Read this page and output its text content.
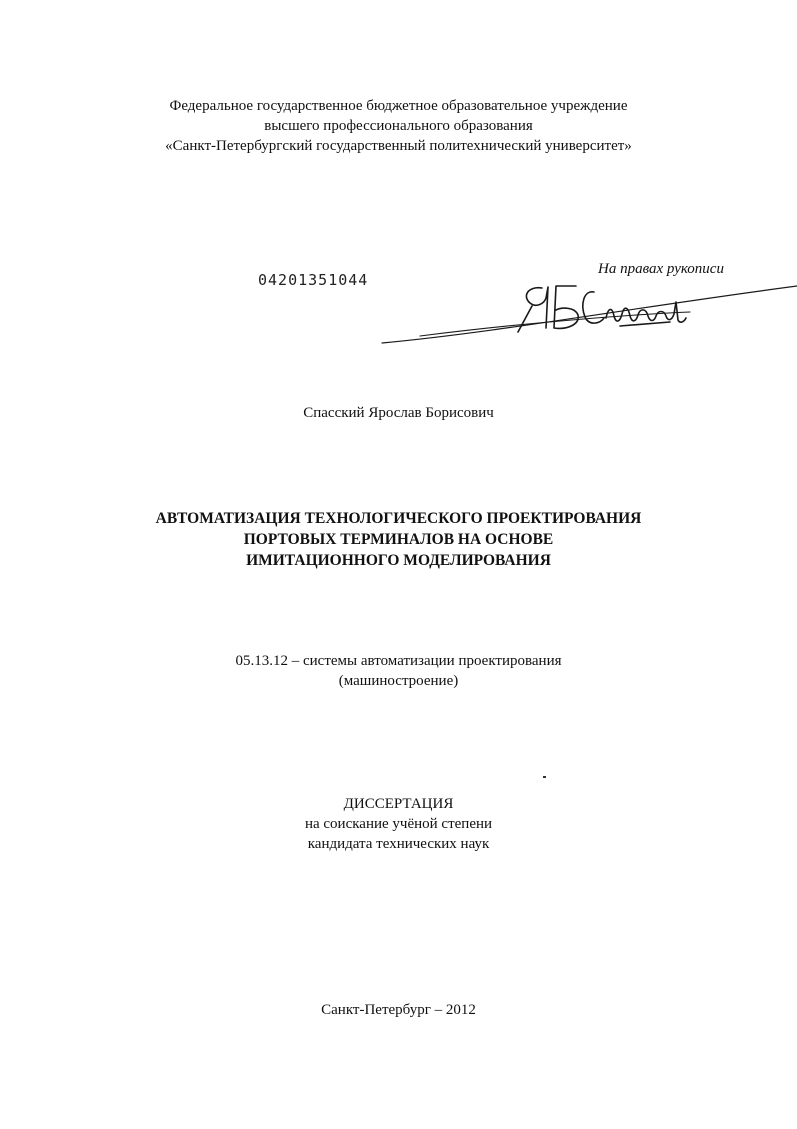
Федеральное государственное бюджетное образовательное учреждение
высшего профессионального образования
«Санкт-Петербургский государственный политехнический университет»
04201351044
На правах рукописи
Спасский Ярослав Борисович
АВТОМАТИЗАЦИЯ ТЕХНОЛОГИЧЕСКОГО ПРОЕКТИРОВАНИЯ
ПОРТОВЫХ ТЕРМИНАЛОВ НА ОСНОВЕ
ИМИТАЦИОННОГО МОДЕЛИРОВАНИЯ
05.13.12 – системы автоматизации проектирования
(машиностроение)
ДИССЕРТАЦИЯ
на соискание учёной степени
кандидата технических наук
Санкт-Петербург – 2012
